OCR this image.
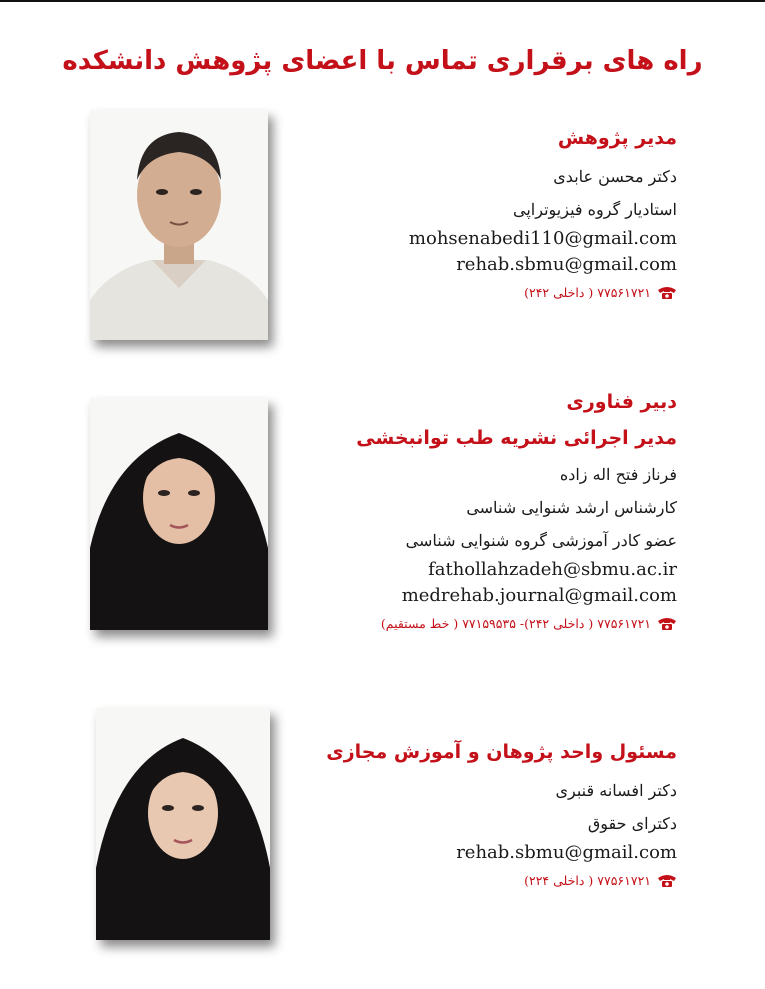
راه های برقراری تماس با اعضای پژوهش دانشکده
مدیر پژوهش
دکتر محسن عابدی
استادیار گروه فیزیوتراپی
mohsenabedi110@gmail.com
rehab.sbmu@gmail.com
۷۷۵۶۱۷۲۱ ( داخلی ۲۴۲)
دبیر فناوری
مدیر اجرائی نشریه طب توانبخشی
فرناز فتح اله زاده
کارشناس ارشد شنوایی شناسی
عضو کادر آموزشی گروه شنوایی شناسی
fathollahzadeh@sbmu.ac.ir
medrehab.journal@gmail.com
۷۷۵۶۱۷۲۱ ( داخلی ۲۴۲)- ۷۷۱۵۹۵۳۵ ( خط مستقیم)
مسئول واحد پژوهان و آموزش مجازی
دکتر افسانه قنبری
دکترای حقوق
rehab.sbmu@gmail.com
۷۷۵۶۱۷۲۱ ( داخلی ۲۲۴)
